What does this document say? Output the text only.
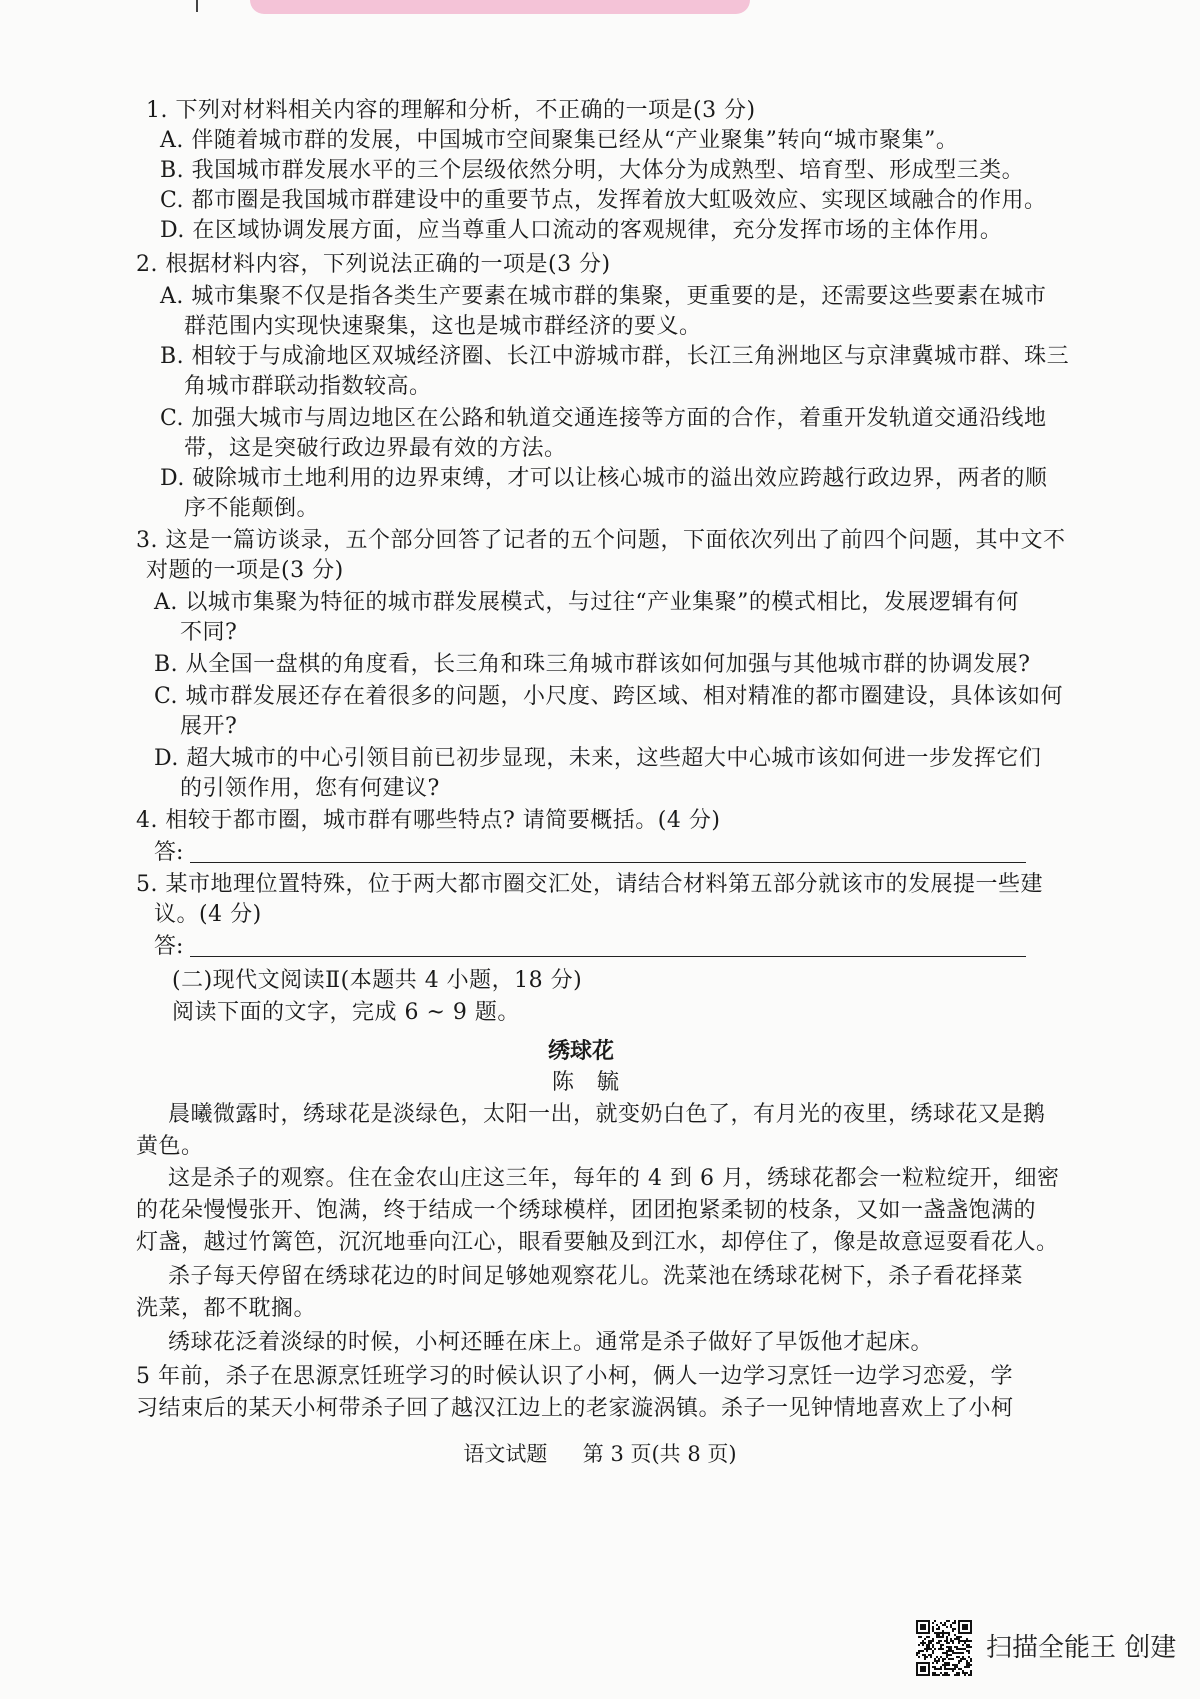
1. 下列对材料相关内容的理解和分析，不正确的一项是(3 分)
A. 伴随着城市群的发展，中国城市空间聚集已经从“产业聚集”转向“城市聚集”。
B. 我国城市群发展水平的三个层级依然分明，大体分为成熟型、培育型、形成型三类。
C. 都市圈是我国城市群建设中的重要节点，发挥着放大虹吸效应、实现区域融合的作用。
D. 在区域协调发展方面，应当尊重人口流动的客观规律，充分发挥市场的主体作用。
2. 根据材料内容，下列说法正确的一项是(3 分)
A. 城市集聚不仅是指各类生产要素在城市群的集聚，更重要的是，还需要这些要素在城市
群范围内实现快速聚集，这也是城市群经济的要义。
B. 相较于与成渝地区双城经济圈、长江中游城市群，长江三角洲地区与京津冀城市群、珠三
角城市群联动指数较高。
C. 加强大城市与周边地区在公路和轨道交通连接等方面的合作，着重开发轨道交通沿线地
带，这是突破行政边界最有效的方法。
D. 破除城市土地利用的边界束缚，才可以让核心城市的溢出效应跨越行政边界，两者的顺
序不能颠倒。
3. 这是一篇访谈录，五个部分回答了记者的五个问题，下面依次列出了前四个问题，其中文不
对题的一项是(3 分)
A. 以城市集聚为特征的城市群发展模式，与过往“产业集聚”的模式相比，发展逻辑有何
不同?
B. 从全国一盘棋的角度看，长三角和珠三角城市群该如何加强与其他城市群的协调发展?
C. 城市群发展还存在着很多的问题，小尺度、跨区域、相对精准的都市圈建设，具体该如何
展开?
D. 超大城市的中心引领目前已初步显现，未来，这些超大中心城市该如何进一步发挥它们
的引领作用，您有何建议?
4. 相较于都市圈，城市群有哪些特点? 请简要概括。(4 分)
答:
5. 某市地理位置特殊，位于两大都市圈交汇处，请结合材料第五部分就该市的发展提一些建
议。(4 分)
答:
(二)现代文阅读Ⅱ(本题共 4 小题，18 分)
阅读下面的文字，完成 6 ~ 9 题。
绣球花
陈　毓
晨曦微露时，绣球花是淡绿色，太阳一出，就变奶白色了，有月光的夜里，绣球花又是鹅
黄色。
这是杀子的观察。住在金农山庄这三年，每年的 4 到 6 月，绣球花都会一粒粒绽开，细密
的花朵慢慢张开、饱满，终于结成一个绣球模样，团团抱紧柔韧的枝条，又如一盏盏饱满的
灯盏，越过竹篱笆，沉沉地垂向江心，眼看要触及到江水，却停住了，像是故意逗耍看花人。
杀子每天停留在绣球花边的时间足够她观察花儿。洗菜池在绣球花树下，杀子看花择菜
洗菜，都不耽搁。
绣球花泛着淡绿的时候，小柯还睡在床上。通常是杀子做好了早饭他才起床。
5 年前，杀子在思源烹饪班学习的时候认识了小柯，俩人一边学习烹饪一边学习恋爱，学
习结束后的某天小柯带杀子回了越汉江边上的老家漩涡镇。杀子一见钟情地喜欢上了小柯
语文试题 第 3 页(共 8 页)
扫描全能王 创建
